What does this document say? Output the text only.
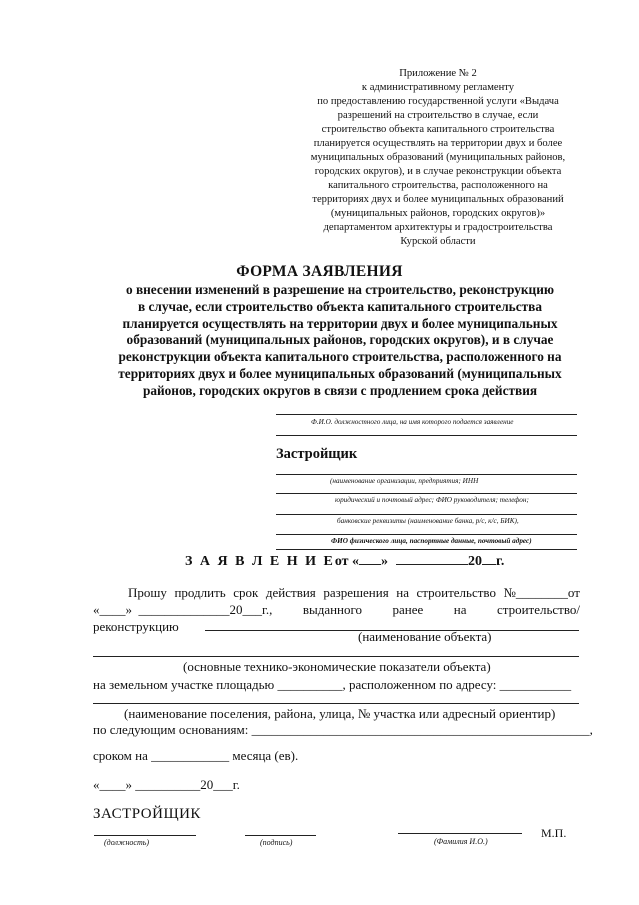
Приложение № 2
к административному регламенту
по предоставлению государственной услуги «Выдача
разрешений на строительство в случае, если
строительство объекта капитального строительства
планируется осуществлять на территории двух и более
муниципальных образований (муниципальных районов,
городских округов), и в случае реконструкции объекта
капитального строительства, расположенного на
территориях двух и более муниципальных образований
(муниципальных районов, городских округов)»
департаментом архитектуры и градостроительства
Курской области
ФОРМА ЗАЯВЛЕНИЯ
о внесении изменений в разрешение на строительство, реконструкцию
в случае, если строительство объекта капитального строительства
планируется осуществлять на территории двух и более муниципальных
образований (муниципальных районов, городских округов), и в случае
реконструкции объекта капитального строительства, расположенного на
территориях двух и более муниципальных образований (муниципальных
районов, городских округов в связи с продлением срока действия
Ф.И.О. должностного лица, на имя которого подается заявление
Застройщик
(наименование организации, предприятия; ИНН
юридический и почтовый адрес; ФИО руководителя; телефон;
банковские реквизиты (наименование банка, р/с, к/с, БИК),
ФИО физического лица, паспортные данные, почтовый адрес)
З А Я В Л Е Н И Еот « »	20 г.
Прошу продлить срок действия разрешения на строительство №________от
«____»  ______________20___г., выданного ранее на строительство/
реконструкцию
(наименование объекта)
(основные технико-экономические показатели объекта)
на земельном участке площадью __________, расположенном по адресу: ___________
(наименование поселения, района, улица, № участка или адресный ориентир)
по следующим основаниям: ____________________________________________________,
сроком на ____________ месяца (ев).
«____» __________20___г.
ЗАСТРОЙЩИК
(должность)	(подпись)	(Фамилия И.О.)
М.П.
